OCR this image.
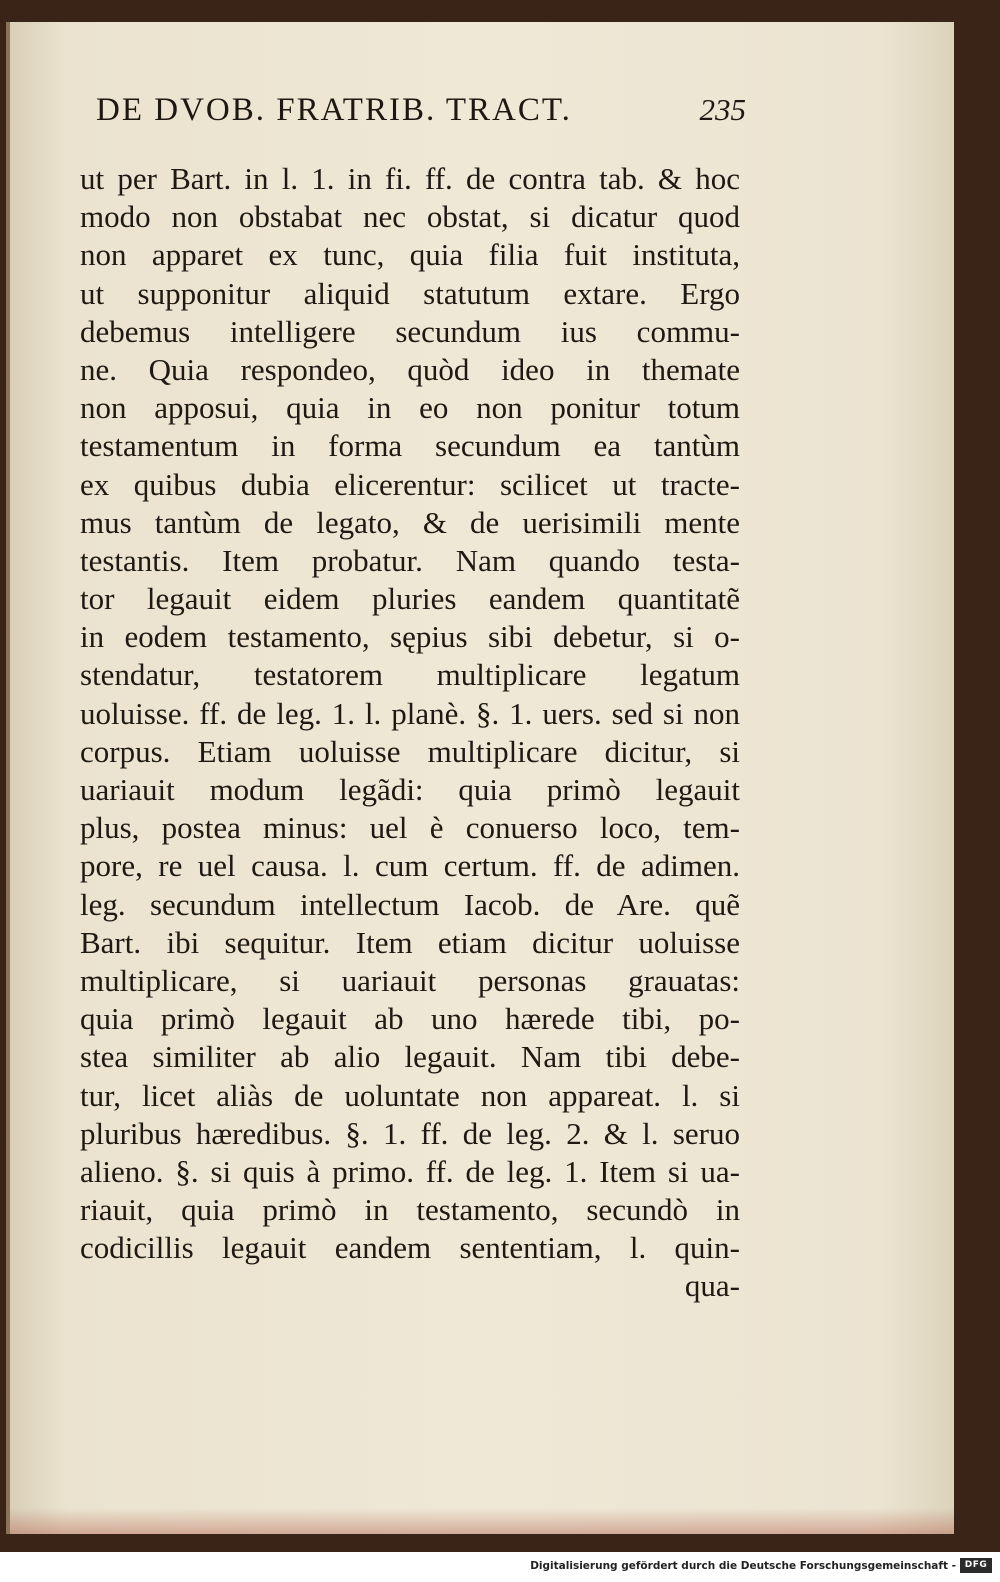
DE DVOB. FRATRIB. TRACT.	235
ut per Bart. in l. 1. in fi. ff. de contra tab. & hoc
modo non obstabat nec obstat, si dicatur quod
non apparet ex tunc, quia filia fuit instituta,
ut supponitur aliquid statutum extare. Ergo
debemus intelligere secundum ius commu-
ne. Quia respondeo, quòd ideo in themate
non apposui, quia in eo non ponitur totum
testamentum in forma secundum ea tantùm
ex quibus dubia elicerentur: scilicet ut tracte-
mus tantùm de legato, & de uerisimili mente
testantis. Item probatur. Nam quando testa-
tor legauit eidem pluries eandem quantitatẽ
in eodem testamento, sępius sibi debetur, si o-
stendatur, testatorem multiplicare legatum
uoluisse. ff. de leg. 1. l. planè. §. 1. uers. sed si non
corpus. Etiam uoluisse multiplicare dicitur, si
uariauit modum legãdi: quia primò legauit
plus, postea minus: uel è conuerso loco, tem-
pore, re uel causa. l. cum certum. ff. de adimen.
leg. secundum intellectum Iacob. de Are. quẽ
Bart. ibi sequitur. Item etiam dicitur uoluisse
multiplicare, si uariauit personas grauatas:
quia primò legauit ab uno hærede tibi, po-
stea similiter ab alio legauit. Nam tibi debe-
tur, licet aliàs de uoluntate non appareat. l. si
pluribus hæredibus. §. 1. ff. de leg. 2. & l. seruo
alieno. §. si quis à primo. ff. de leg. 1. Item si ua-
riauit, quia primò in testamento, secundò in
codicillis legauit eandem sententiam, l. quin-
qua-
Digitalisierung gefördert durch die Deutsche Forschungsgemeinschaft - DFG
